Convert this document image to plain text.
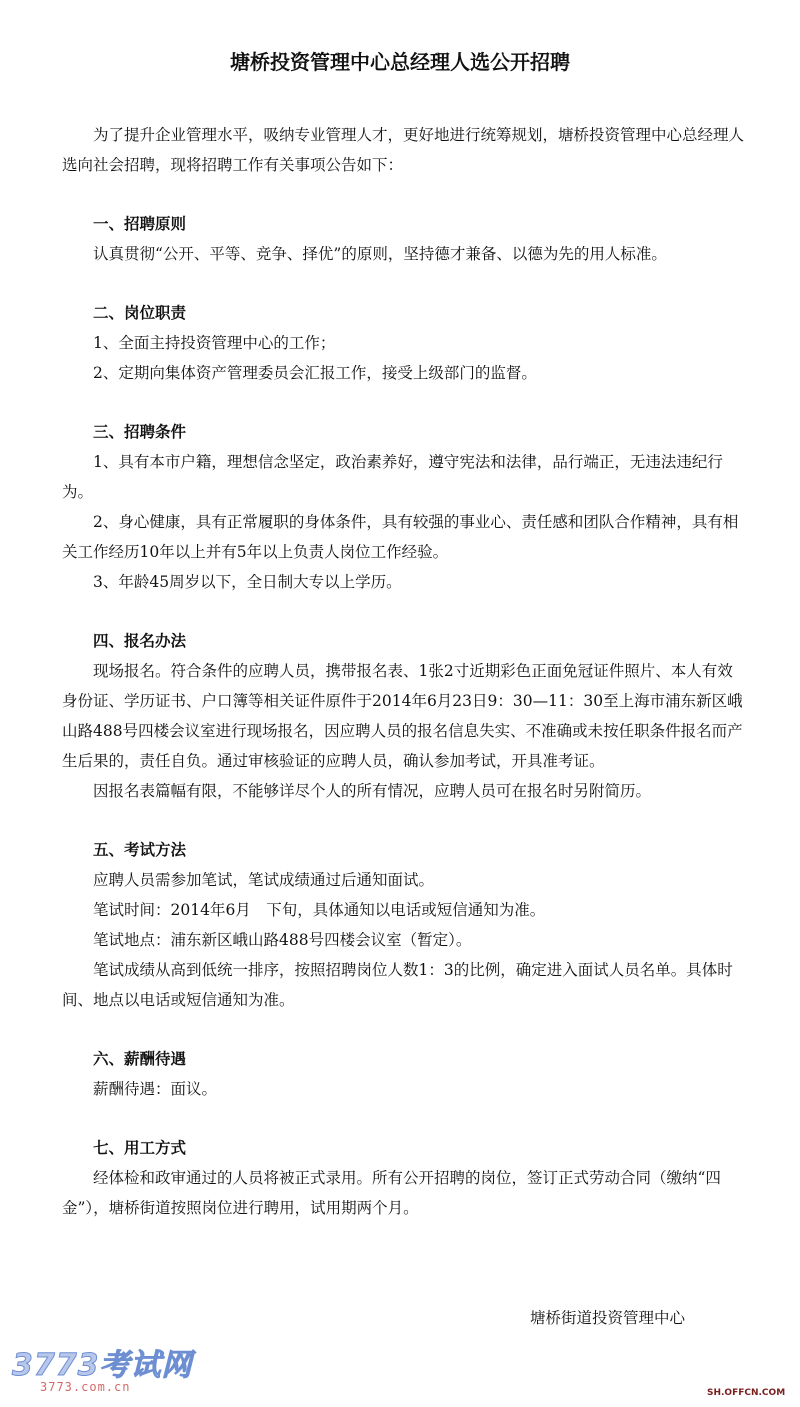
塘桥投资管理中心总经理人选公开招聘

为了提升企业管理水平，吸纳专业管理人才，更好地进行统筹规划，塘桥投资管理中心总经理人选向社会招聘，现将招聘工作有关事项公告如下：

一、招聘原则

认真贯彻“公开、平等、竞争、择优”的原则，坚持德才兼备、以德为先的用人标准。

二、岗位职责

1、全面主持投资管理中心的工作；

2、定期向集体资产管理委员会汇报工作，接受上级部门的监督。

三、招聘条件

1、具有本市户籍，理想信念坚定，政治素养好，遵守宪法和法律，品行端正，无违法违纪行为。

2、身心健康，具有正常履职的身体条件，具有较强的事业心、责任感和团队合作精神，具有相关工作经历10年以上并有5年以上负责人岗位工作经验。

3、年龄45周岁以下，全日制大专以上学历。

四、报名办法

现场报名。符合条件的应聘人员，携带报名表、1张2寸近期彩色正面免冠证件照片、本人有效身份证、学历证书、户口簿等相关证件原件于2014年6月23日9：30—11：30至上海市浦东新区峨山路488号四楼会议室进行现场报名，因应聘人员的报名信息失实、不准确或未按任职条件报名而产生后果的，责任自负。通过审核验证的应聘人员，确认参加考试，开具准考证。

因报名表篇幅有限，不能够详尽个人的所有情况，应聘人员可在报名时另附简历。

五、考试方法

应聘人员需参加笔试，笔试成绩通过后通知面试。

笔试时间：2014年6月　下旬，具体通知以电话或短信通知为准。

笔试地点：浦东新区峨山路488号四楼会议室（暂定）。

笔试成绩从高到低统一排序，按照招聘岗位人数1：3的比例，确定进入面试人员名单。具体时间、地点以电话或短信通知为准。

六、薪酬待遇

薪酬待遇：面议。

七、用工方式

经体检和政审通过的人员将被正式录用。所有公开招聘的岗位，签订正式劳动合同（缴纳“四金”），塘桥街道按照岗位进行聘用，试用期两个月。

塘桥街道投资管理中心
3773考试网
3773.com.cn	SH.OFFCN.COM
